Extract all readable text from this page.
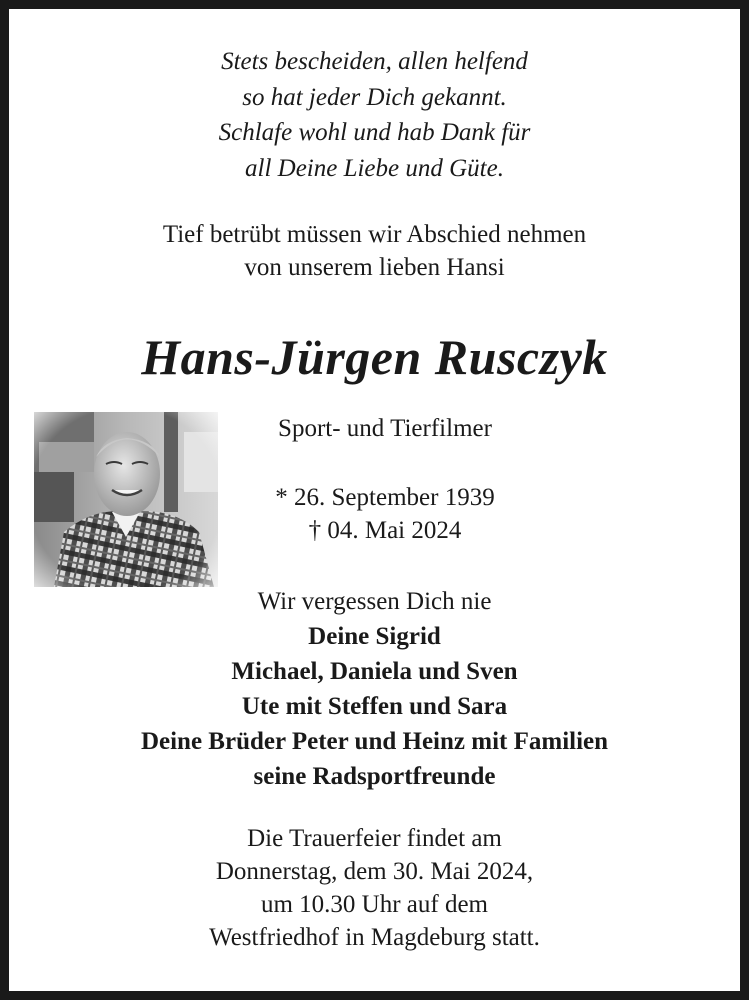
Stets bescheiden, allen helfend
so hat jeder Dich gekannt.
Schlafe wohl und hab Dank für
all Deine Liebe und Güte.
Tief betrübt müssen wir Abschied nehmen
von unserem lieben Hansi
Hans-Jürgen Rusczyk
Sport- und Tierfilmer
* 26. September 1939
† 04. Mai 2024
Wir vergessen Dich nie
Deine Sigrid
Michael, Daniela und Sven
Ute mit Steffen und Sara
Deine Brüder Peter und Heinz mit Familien
seine Radsportfreunde
Die Trauerfeier findet am
Donnerstag, dem 30. Mai 2024,
um 10.30 Uhr auf dem
Westfriedhof in Magdeburg statt.
